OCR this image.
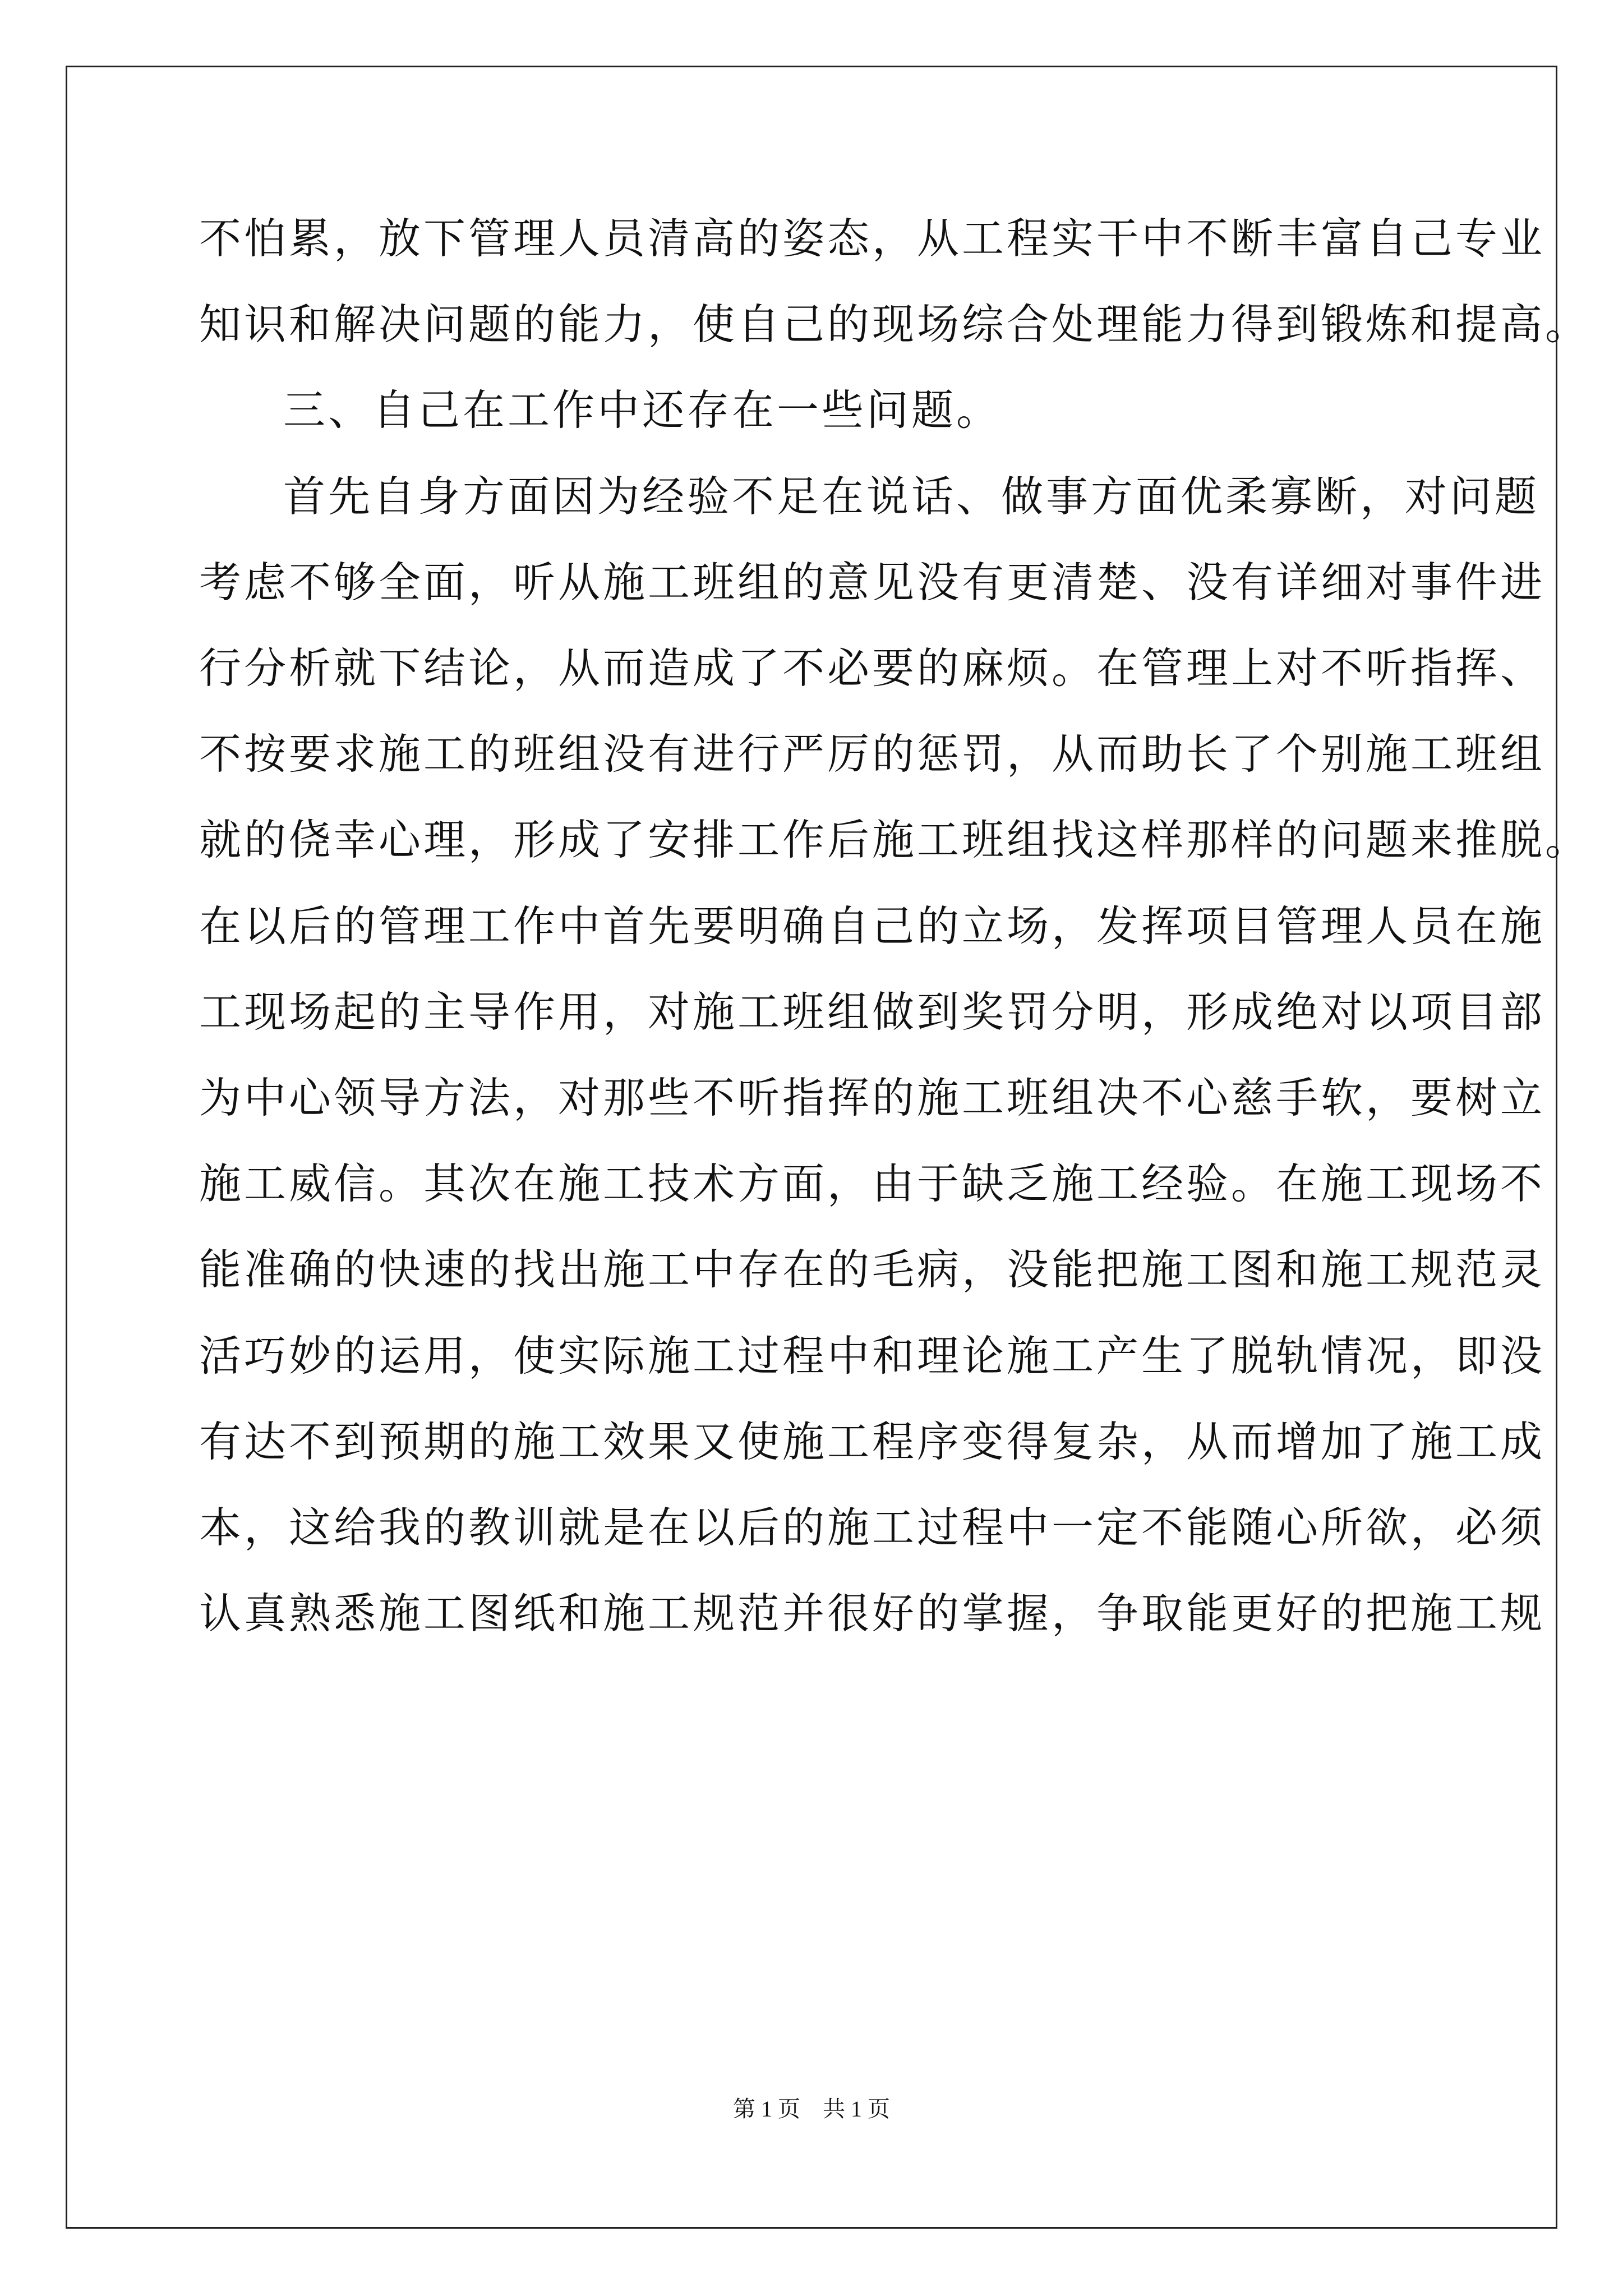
不怕累，放下管理人员清高的姿态，从工程实干中不断丰富自己专业
知识和解决问题的能力，使自己的现场综合处理能力得到锻炼和提高。
三、自己在工作中还存在一些问题。
首先自身方面因为经验不足在说话、做事方面优柔寡断，对问题
考虑不够全面，听从施工班组的意见没有更清楚、没有详细对事件进
行分析就下结论，从而造成了不必要的麻烦。在管理上对不听指挥、
不按要求施工的班组没有进行严厉的惩罚，从而助长了个别施工班组
就的侥幸心理，形成了安排工作后施工班组找这样那样的问题来推脱。
在以后的管理工作中首先要明确自己的立场，发挥项目管理人员在施
工现场起的主导作用，对施工班组做到奖罚分明，形成绝对以项目部
为中心领导方法，对那些不听指挥的施工班组决不心慈手软，要树立
施工威信。其次在施工技术方面，由于缺乏施工经验。在施工现场不
能准确的快速的找出施工中存在的毛病，没能把施工图和施工规范灵
活巧妙的运用，使实际施工过程中和理论施工产生了脱轨情况，即没
有达不到预期的施工效果又使施工程序变得复杂，从而增加了施工成
本，这给我的教训就是在以后的施工过程中一定不能随心所欲，必须
认真熟悉施工图纸和施工规范并很好的掌握，争取能更好的把施工规
第 1 页 共 1 页
